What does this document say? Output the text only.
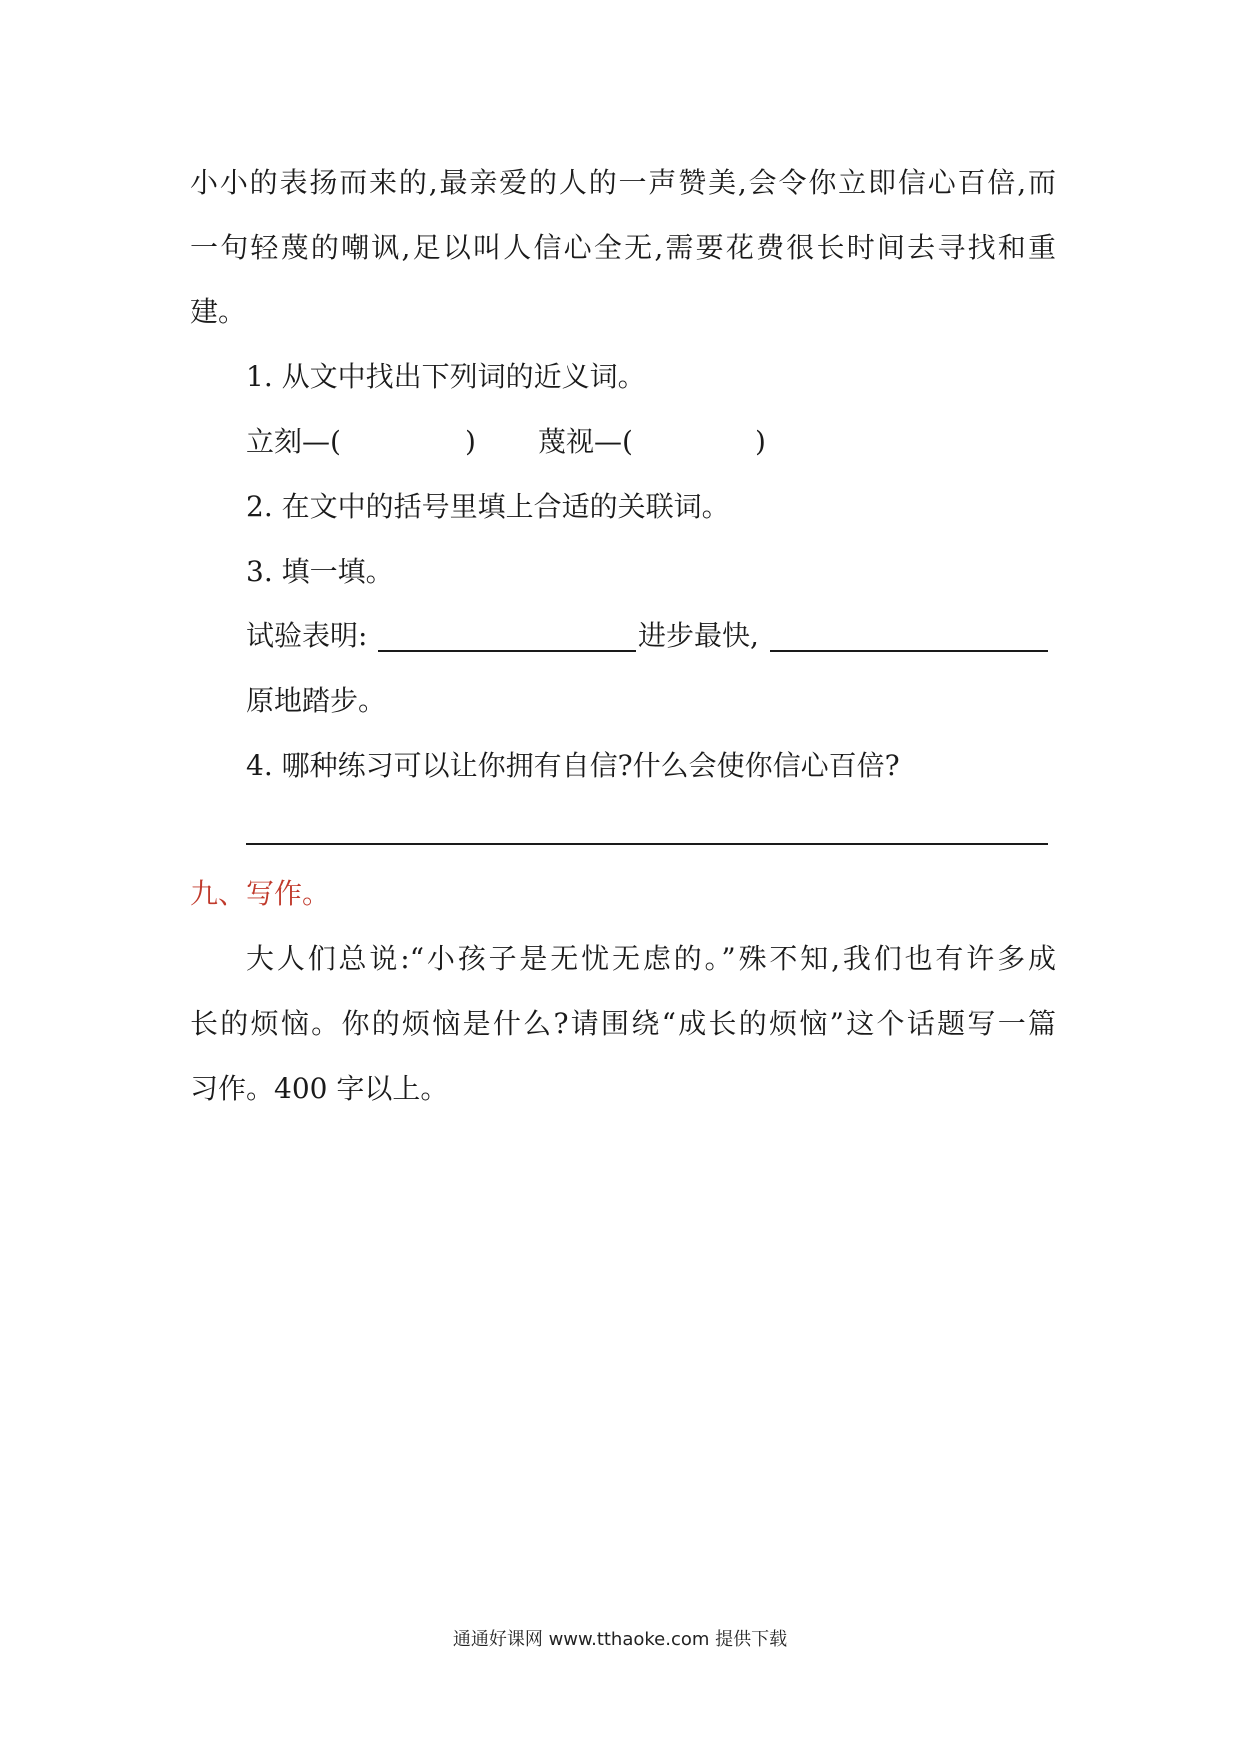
小小的表扬而来的,最亲爱的人的一声赞美,会令你立即信心百倍,而
一句轻蔑的嘲讽,足以叫人信心全无,需要花费很长时间去寻找和重
建。
1. 从文中找出下列词的近义词。
立刻—(	) 蔑视—(	)
2. 在文中的括号里填上合适的关联词。
3. 填一填。
试验表明:	进步最快,
原地踏步。
4. 哪种练习可以让你拥有自信?什么会使你信心百倍?
九、写作。
大人们总说:“小孩子是无忧无虑的。”殊不知,我们也有许多成
长的烦恼。你的烦恼是什么?请围绕“成长的烦恼”这个话题写一篇
习作。400 字以上。
通通好课网 www.tthaoke.com 提供下载
